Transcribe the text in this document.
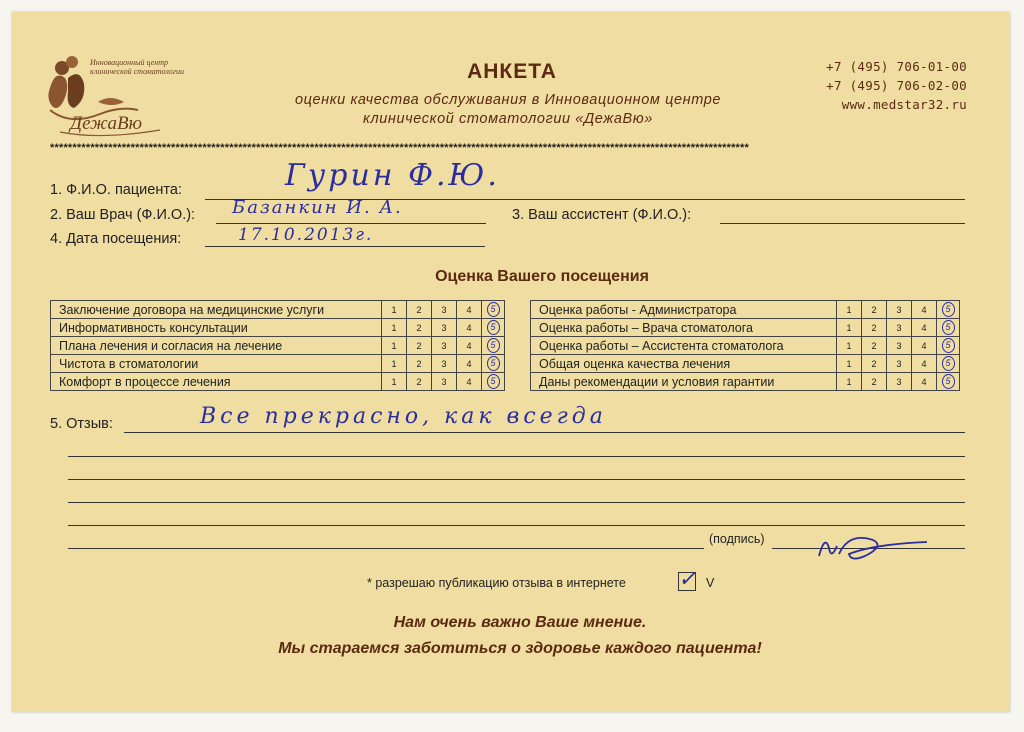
Инновационный центр
клинической стоматологии
ДежаВю
АНКЕТА
оценки качества обслуживания в Инновационном центре
клинической стоматологии «ДежаВю»
+7 (495) 706-01-00
+7 (495) 706-02-00
www.medstar32.ru
************************************************************************************************************************************************************
1. Ф.И.О. пациента:	Гурин Ф.Ю.
2. Ваш Врач (Ф.И.О.): Базанкин И. А.	3. Ваш ассистент (Ф.И.О.):
4. Дата посещения:	17.10.2013г.
Оценка Вашего посещения
Заключение договора на медицинские услуги	1	2	3	4	5
Информативность консультации	1	2	3	4	5
Плана лечения и согласия на лечение	1	2	3	4	5
Чистота в стоматологии	1	2	3	4	5
Комфорт в процессе лечения	1	2	3	4	5
Оценка работы - Администратора	1	2	3	4	5
Оценка работы – Врача стоматолога	1	2	3	4	5
Оценка работы – Ассистента стоматолога	1	2	3	4	5
Общая оценка качества лечения	1	2	3	4	5
Даны рекомендации и условия гарантии	1	2	3	4	5
5. Отзыв:	Все прекрасно, как всегда
(подпись)
* разрешаю публикацию отзыва в интернете ✓ V
Нам очень важно Ваше мнение.
Мы стараемся заботиться о здоровье каждого пациента!
